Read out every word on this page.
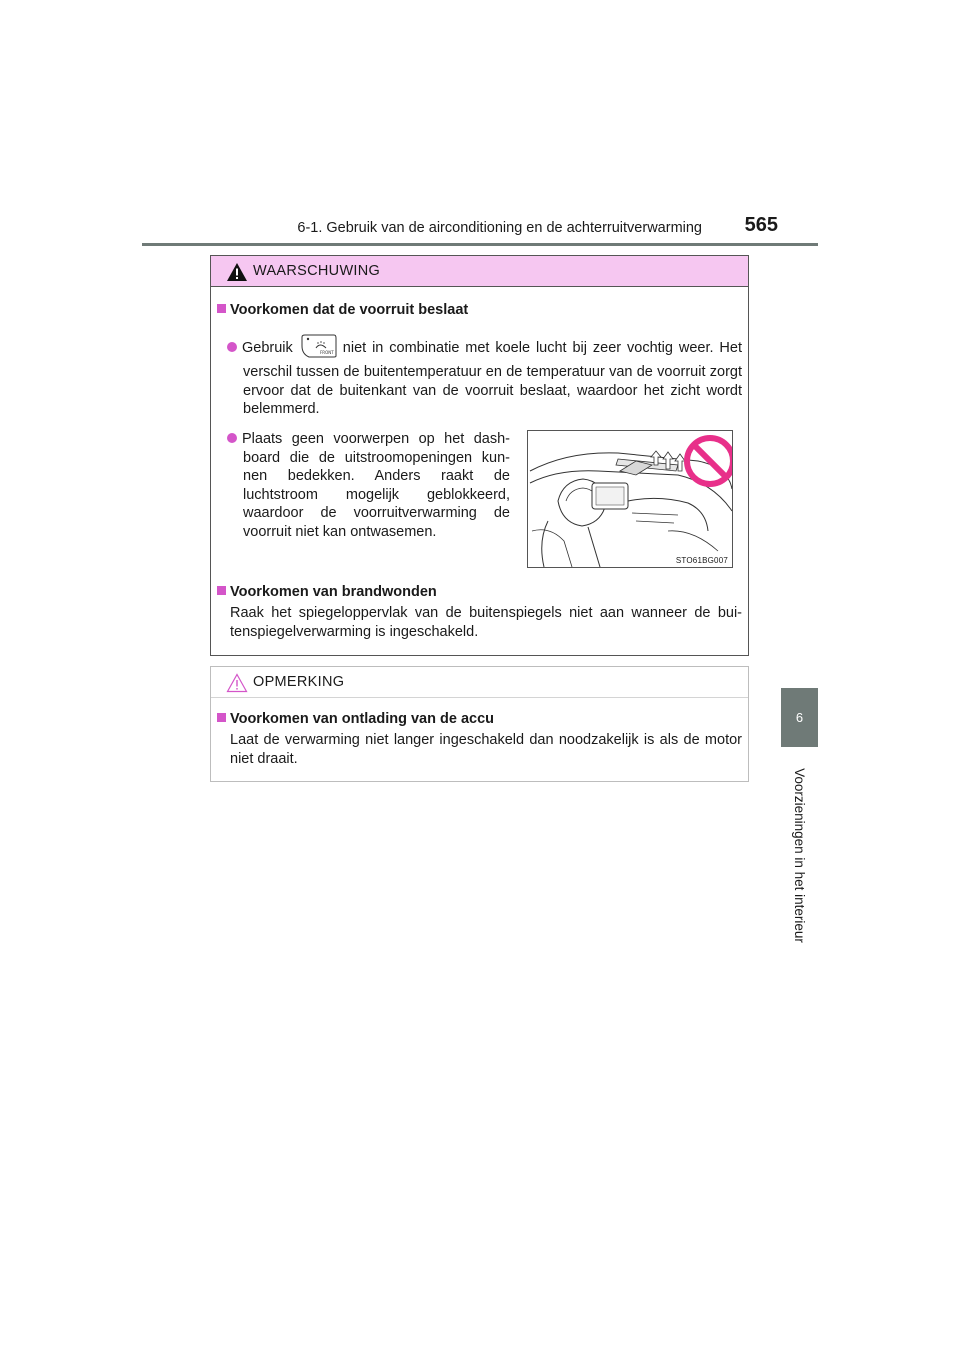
6-1. Gebruik van de airconditioning en de achterruitverwarming	565
6
Voorzieningen in het interieur
WAARSCHUWING
Voorkomen dat de voorruit beslaat
Gebruik	FRONT niet in combinatie met koele lucht bij zeer vochtig weer. Het
verschil tussen de buitentemperatuur en de temperatuur van de voorruit zorgt ervoor dat de buitenkant van de voorruit beslaat, waardoor het zicht wordt belemmerd.
Plaats geen voorwerpen op het dash-board die de uitstroomopeningen kun-nen bedekken. Anders raakt de luchtstroom mogelijk geblokkeerd, waardoor de voorruitverwarming de voorruit niet kan ontwasemen.
STO61BG007
Voorkomen van brandwonden
Raak het spiegeloppervlak van de buitenspiegels niet aan wanneer de bui-tenspiegelverwarming is ingeschakeld.
OPMERKING
Voorkomen van ontlading van de accu
Laat de verwarming niet langer ingeschakeld dan noodzakelijk is als de motor niet draait.
